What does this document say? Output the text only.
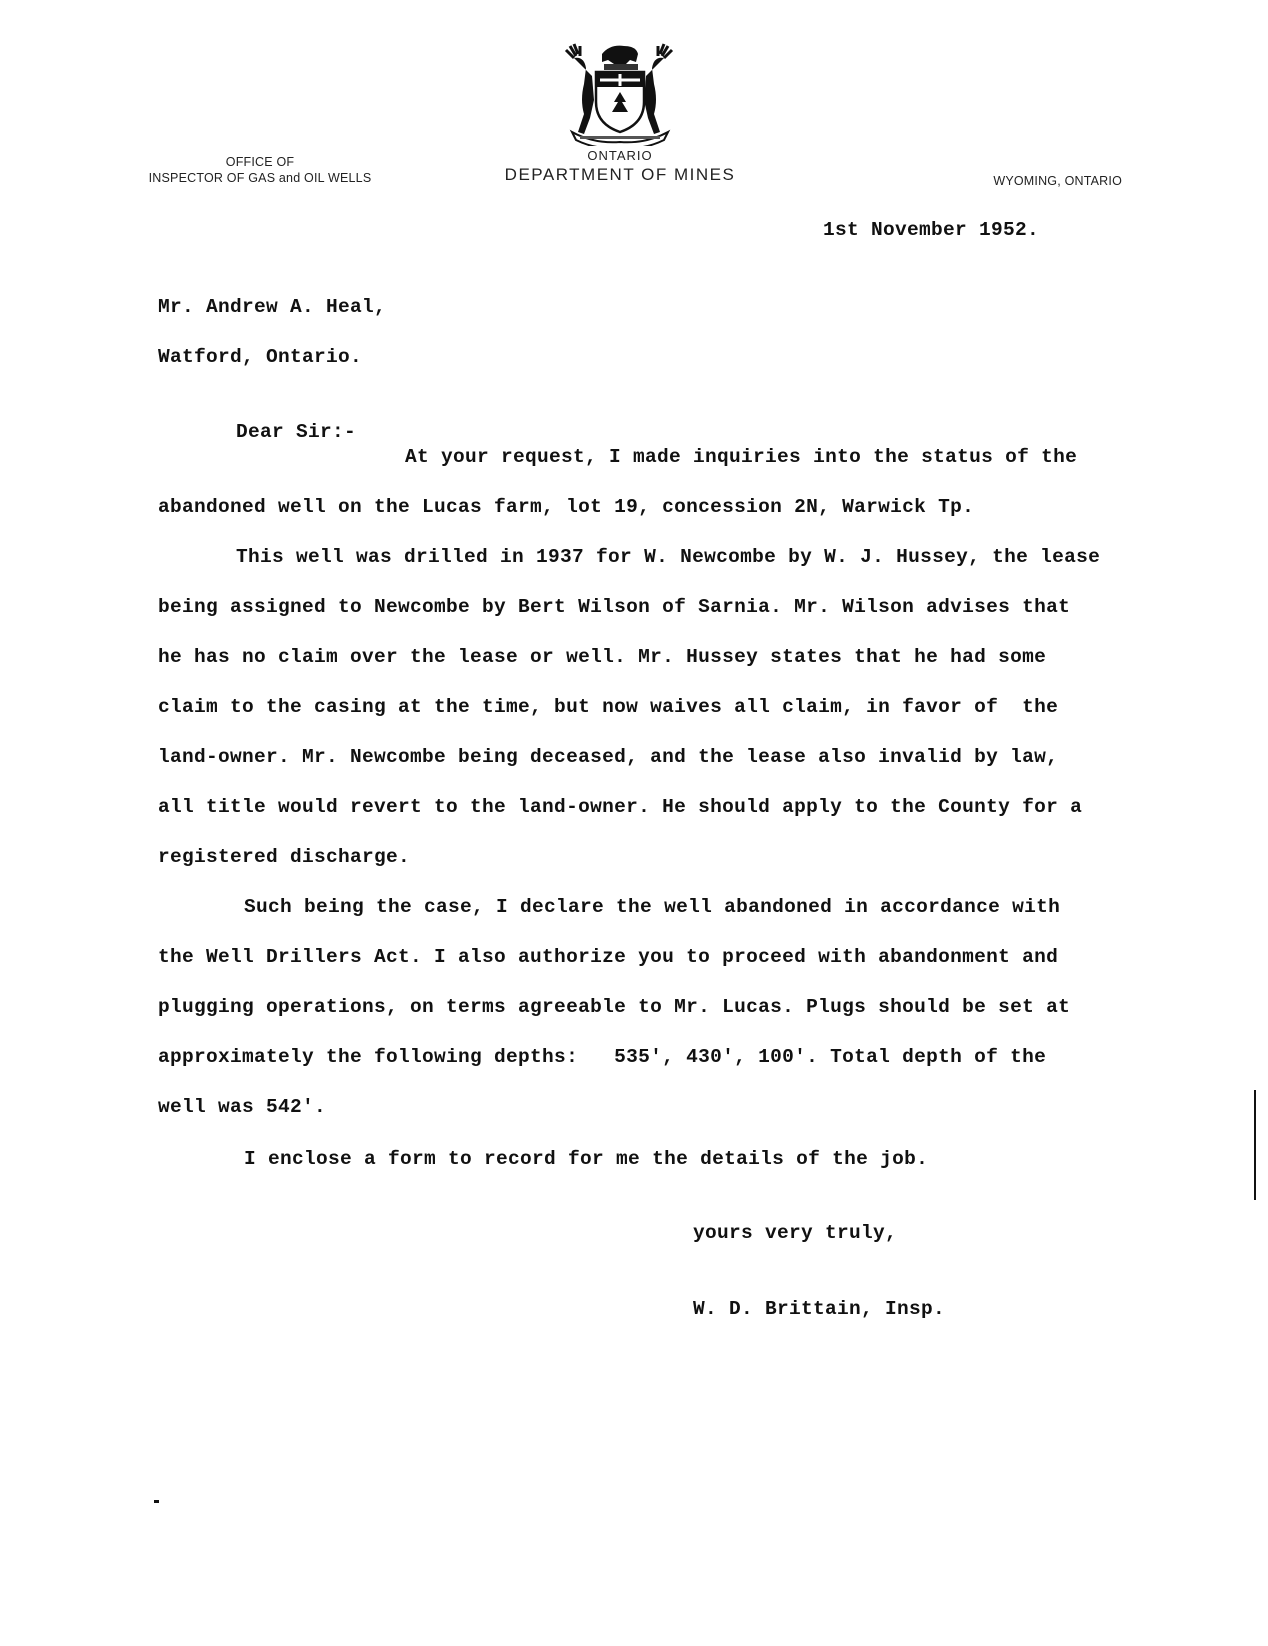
OFFICE OF
INSPECTOR OF GAS and OIL WELLS
ONTARIO
DEPARTMENT OF MINES	WYOMING, ONTARIO
1st November 1952.
Mr. Andrew A. Heal,
Watford, Ontario.
Dear Sir:-
At your request, I made inquiries into the status of the
abandoned well on the Lucas farm, lot 19, concession 2N, Warwick Tp.
This well was drilled in 1937 for W. Newcombe by W. J. Hussey, the lease
being assigned to Newcombe by Bert Wilson of Sarnia. Mr. Wilson advises that
he has no claim over the lease or well. Mr. Hussey states that he had some
claim to the casing at the time, but now waives all claim, in favor of  the
land-owner. Mr. Newcombe being deceased, and the lease also invalid by law,
all title would revert to the land-owner. He should apply to the County for a
registered discharge.
Such being the case, I declare the well abandoned in accordance with
the Well Drillers Act. I also authorize you to proceed with abandonment and
plugging operations, on terms agreeable to Mr. Lucas. Plugs should be set at
approximately the following depths:   535', 430', 100'. Total depth of the
well was 542'.
I enclose a form to record for me the details of the job.
yours very truly,
W. D. Brittain, Insp.
